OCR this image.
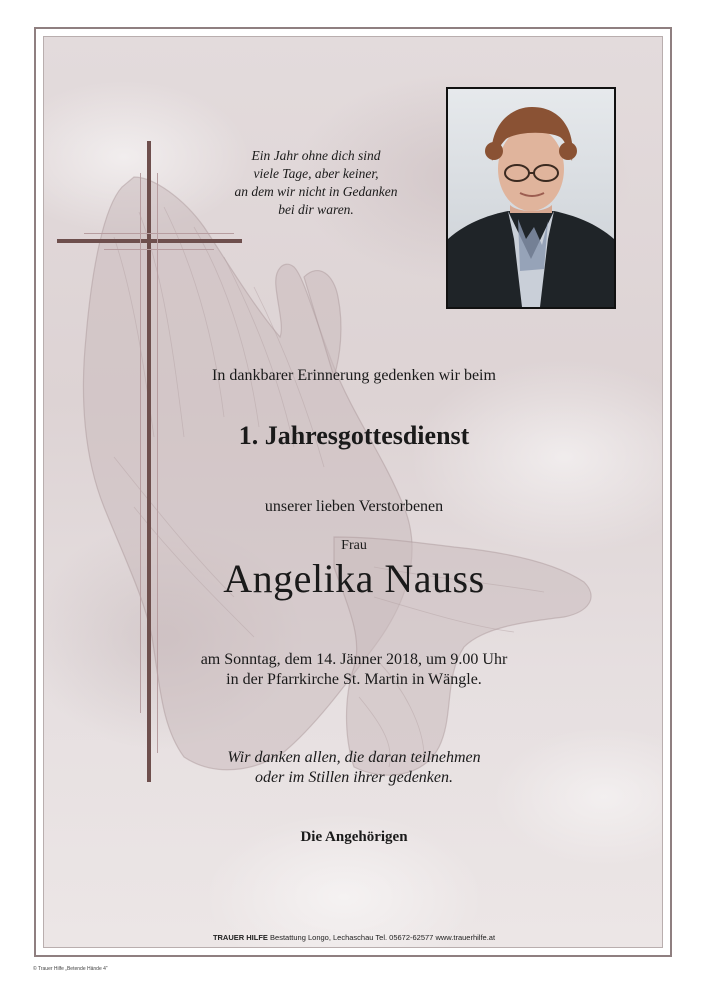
Ein Jahr ohne dich sind
viele Tage, aber keiner,
an dem wir nicht in Gedanken
bei dir waren.
In dankbarer Erinnerung gedenken wir beim
1. Jahresgottesdienst
unserer lieben Verstorbenen
Frau
Angelika Nauss
am Sonntag, dem 14. Jänner 2018, um 9.00 Uhr
in der Pfarrkirche St. Martin in Wängle.
Wir danken allen, die daran teilnehmen
oder im Stillen ihrer gedenken.
Die Angehörigen
TRAUER HILFE Bestattung Longo, Lechaschau Tel. 05672-62577 www.trauerhilfe.at
© Trauer Hilfe „Betende Hände 4“
